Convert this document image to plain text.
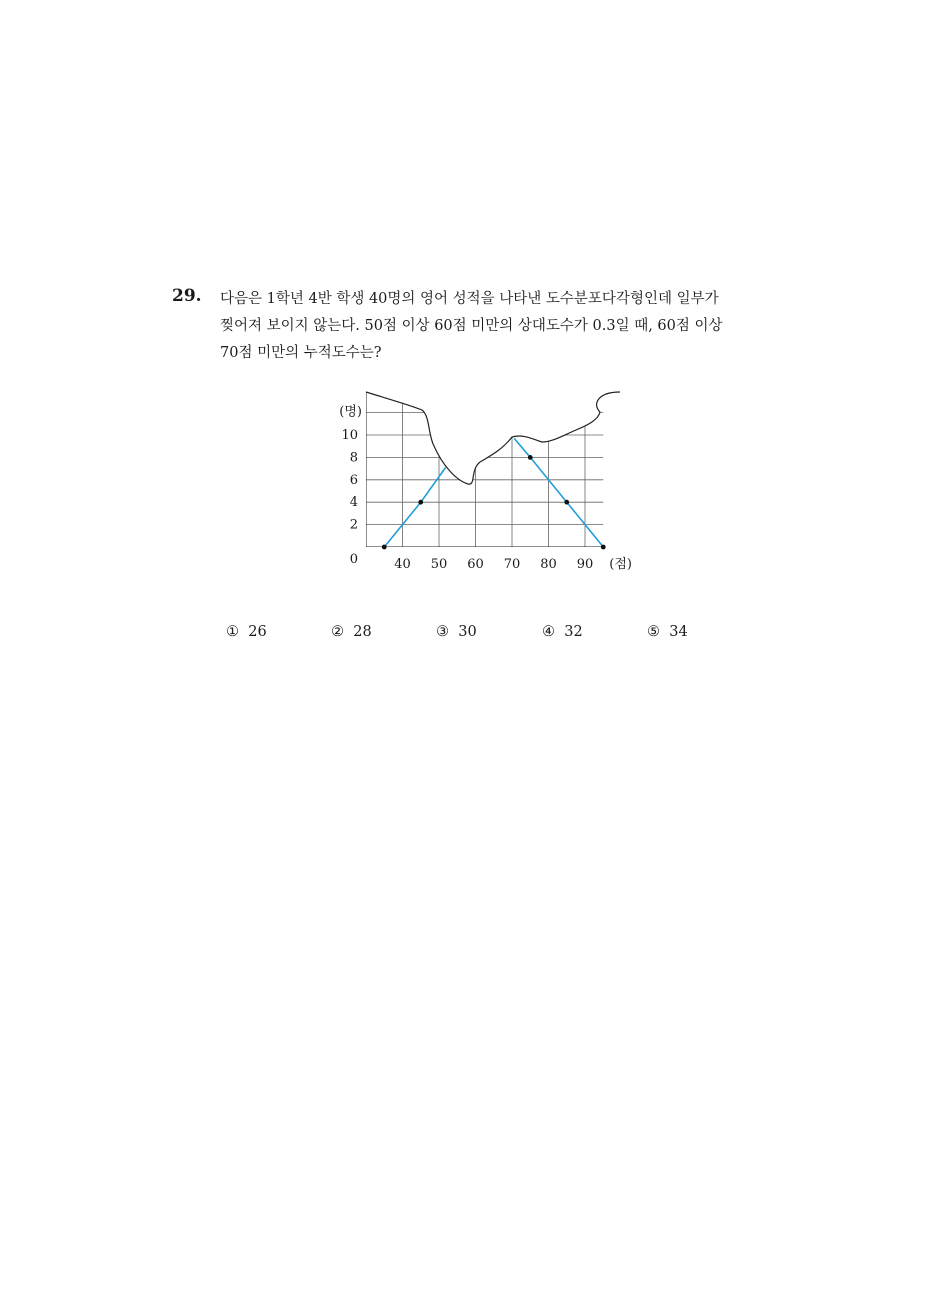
29. 다음은 1학년 4반 학생 40명의 영어 성적을 나타낸 도수분포다각형인데 일부가
찢어져 보이지 않는다. 50점 이상 60점 미만의 상대도수가 0.3일 때, 60점 이상
70점 미만의 누적도수는?

2
4
6
8
10
0	40 50 60 70 80 90
(명)
(점)
① 26	② 28	③ 30	④ 32	⑤ 34
